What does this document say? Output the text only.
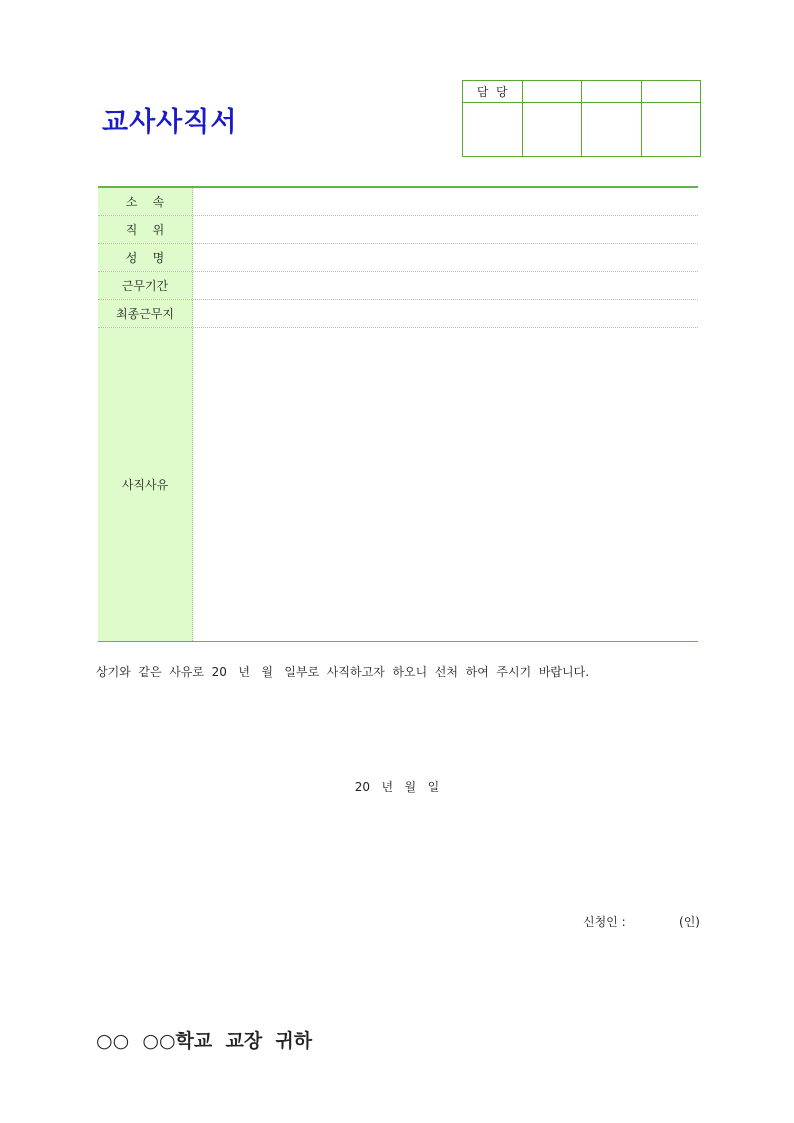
교사사직서
담  당			

소    속
직    위
성    명
근무기간
최종근무지
사직사유
상기와  같은  사유로  20   년   월   일부로  사직하고자  하오니  선처  하여  주시기  바랍니다.
20   년   월   일
신청인 :              (인)
○○  ○○학교  교장  귀하
